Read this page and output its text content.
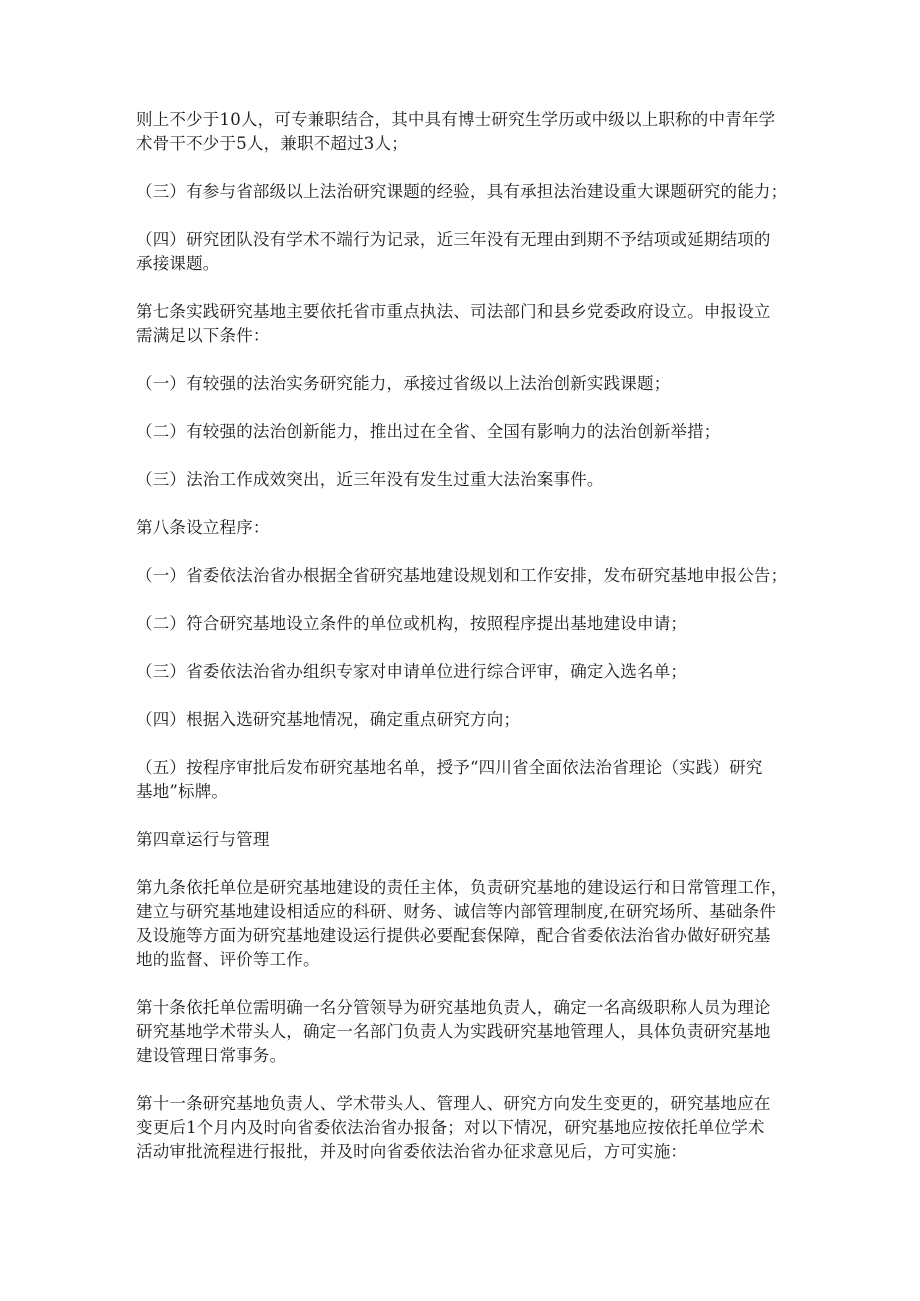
则上不少于10人，可专兼职结合，其中具有博士研究生学历或中级以上职称的中青年学
术骨干不少于5人，兼职不超过3人；

（三）有参与省部级以上法治研究课题的经验，具有承担法治建设重大课题研究的能力；

（四）研究团队没有学术不端行为记录，近三年没有无理由到期不予结项或延期结项的
承接课题。

第七条实践研究基地主要依托省市重点执法、司法部门和县乡党委政府设立。申报设立
需满足以下条件：

（一）有较强的法治实务研究能力，承接过省级以上法治创新实践课题；

（二）有较强的法治创新能力，推出过在全省、全国有影响力的法治创新举措；

（三）法治工作成效突出，近三年没有发生过重大法治案事件。

第八条设立程序：

（一）省委依法治省办根据全省研究基地建设规划和工作安排，发布研究基地申报公告；

（二）符合研究基地设立条件的单位或机构，按照程序提出基地建设申请；

（三）省委依法治省办组织专家对申请单位进行综合评审，确定入选名单；

（四）根据入选研究基地情况，确定重点研究方向；

（五）按程序审批后发布研究基地名单，授予“四川省全面依法治省理论（实践）研究
基地”标牌。

第四章运行与管理

第九条依托单位是研究基地建设的责任主体，负责研究基地的建设运行和日常管理工作，
建立与研究基地建设相适应的科研、财务、诚信等内部管理制度,在研究场所、基础条件
及设施等方面为研究基地建设运行提供必要配套保障，配合省委依法治省办做好研究基
地的监督、评价等工作。

第十条依托单位需明确一名分管领导为研究基地负责人，确定一名高级职称人员为理论
研究基地学术带头人，确定一名部门负责人为实践研究基地管理人，具体负责研究基地
建设管理日常事务。

第十一条研究基地负责人、学术带头人、管理人、研究方向发生变更的，研究基地应在
变更后1个月内及时向省委依法治省办报备；对以下情况，研究基地应按依托单位学术
活动审批流程进行报批，并及时向省委依法治省办征求意见后，方可实施：
